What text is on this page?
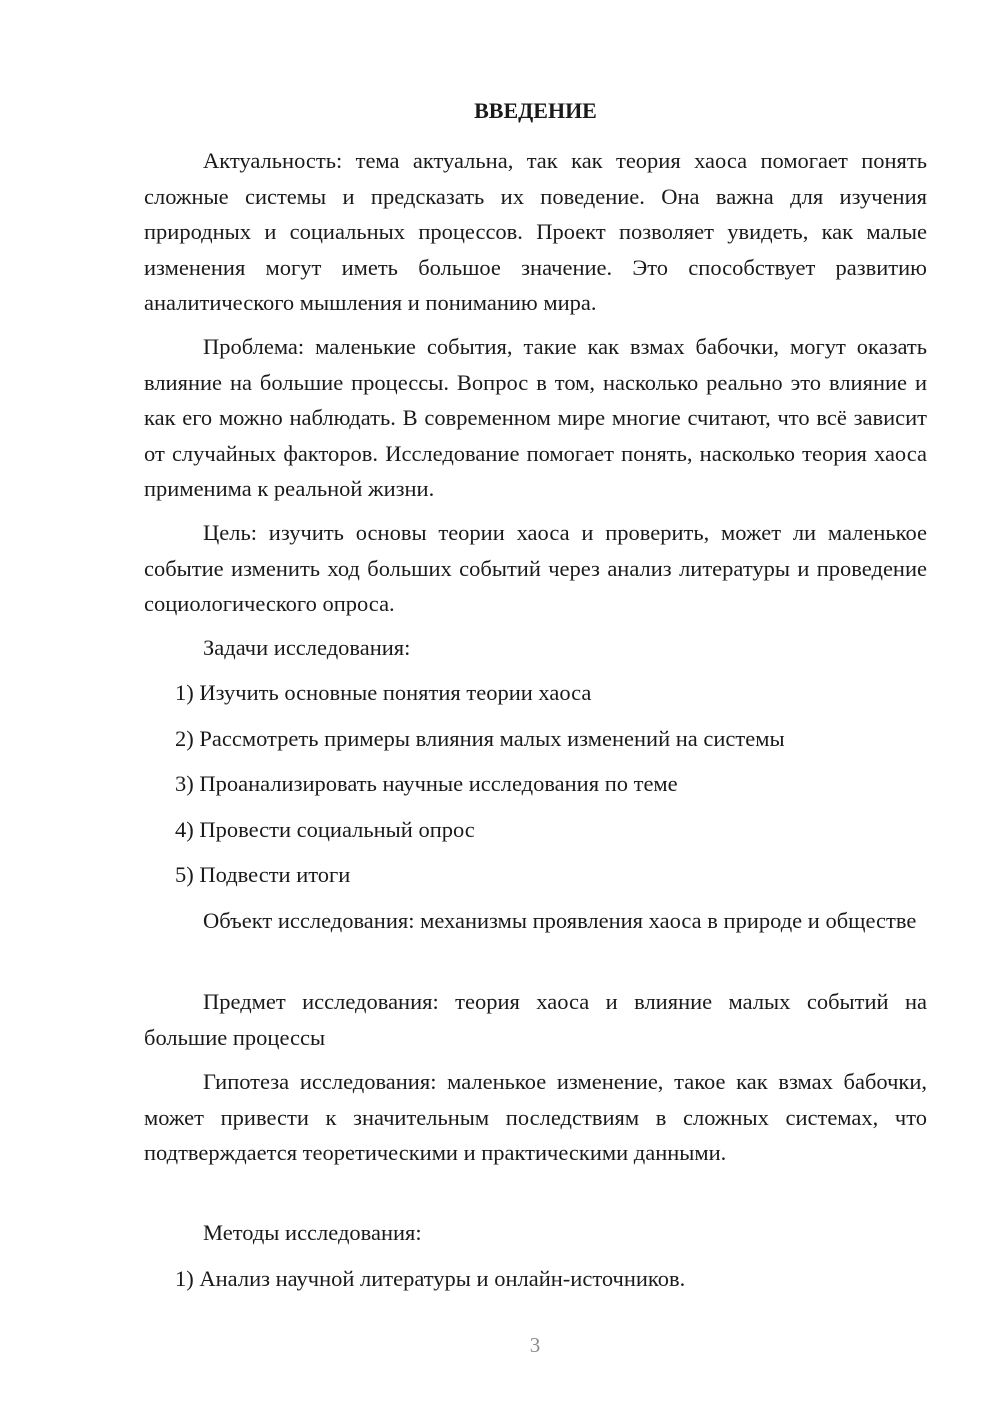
ВВЕДЕНИЕ

Актуальность: тема актуальна, так как теория хаоса помогает понять сложные системы и предсказать их поведение. Она важна для изучения природных и социальных процессов. Проект позволяет увидеть, как малые изменения могут иметь большое значение. Это способствует развитию аналитического мышления и пониманию мира.

Проблема: маленькие события, такие как взмах бабочки, могут оказать влияние на большие процессы. Вопрос в том, насколько реально это влияние и как его можно наблюдать. В современном мире многие считают, что всё зависит от случайных факторов. Исследование помогает понять, насколько теория хаоса применима к реальной жизни.

Цель: изучить основы теории хаоса и проверить, может ли маленькое событие изменить ход больших событий через анализ литературы и проведение социологического опроса.

Задачи исследования:

1) Изучить основные понятия теории хаоса

2) Рассмотреть примеры влияния малых изменений на системы

3) Проанализировать научные исследования по теме

4) Провести социальный опрос

5) Подвести итоги

Объект исследования: механизмы проявления хаоса в природе и обществе

Предмет исследования: теория хаоса и влияние малых событий на большие процессы

Гипотеза исследования: маленькое изменение, такое как взмах бабочки, может привести к значительным последствиям в сложных системах, что подтверждается теоретическими и практическими данными.

Методы исследования:

1) Анализ научной литературы и онлайн-источников.

3
